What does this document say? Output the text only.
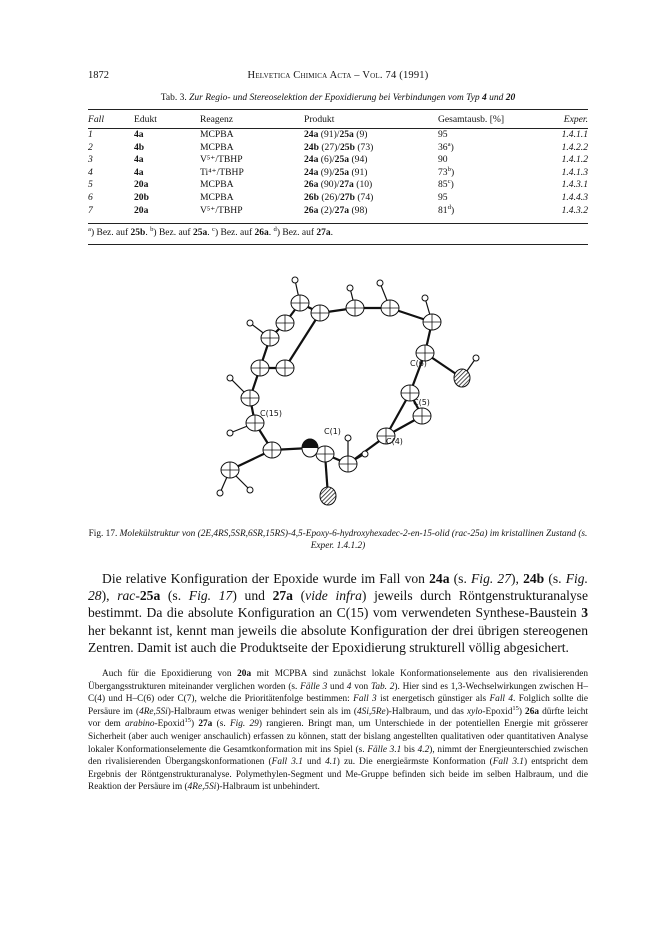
1872	Helvetica Chimica Acta – Vol. 74 (1991)
Tab. 3. Zur Regio- und Stereoselektion der Epoxidierung bei Verbindungen vom Typ 4 und 20
Fall	Edukt	Reagenz	Produkt	Gesamtausb. [%]	Exper.
1	4a	MCPBA	24a (91)/25a (9)	95	1.4.1.1
2	4b	MCPBA	24b (27)/25b (73)	36$^a$)	1.4.2.2
3	4a	V⁵⁺/TBHP	24a (6)/25a (94)	90	1.4.1.2
4	4a	Ti⁴⁺/TBHP	24a (9)/25a (91)	73$^b$)	1.4.1.3
5	20a	MCPBA	26a (90)/27a (10)	85$^c$)	1.4.3.1
6	20b	MCPBA	26b (26)/27b (74)	95	1.4.4.3
7	20a	V⁵⁺/TBHP	26a (2)/27a (98)	81$^d$)	1.4.3.2
$^a$) Bez. auf 25b. $^b$) Bez. auf 25a. $^c$) Bez. auf 26a. $^d$) Bez. auf 27a.
C(6)
C(5)
C(4)
C(1)
C(15)
Fig. 17. Molekülstruktur von (2E,4RS,5SR,6SR,15RS)-4,5-Epoxy-6-hydroxyhexadec-2-en-15-olid (rac-25a) im kristallinen Zustand (s. Exper. 1.4.1.2)
Die relative Konfiguration der Epoxide wurde im Fall von 24a (s. Fig. 27), 24b (s. Fig. 28), rac-25a (s. Fig. 17) und 27a (vide infra) jeweils durch Röntgenstrukturanalyse bestimmt. Da die absolute Konfiguration an C(15) vom verwendeten Synthese-Baustein 3 her bekannt ist, kennt man jeweils die absolute Konfiguration der drei übrigen stereogenen Zentren. Damit ist auch die Produktseite der Epoxidierung strukturell völlig abgesichert.
Auch für die Epoxidierung von 20a mit MCPBA sind zunächst lokale Konformationselemente aus den rivalisierenden Übergangsstrukturen miteinander verglichen worden (s. Fälle 3 und 4 von Tab. 2). Hier sind es 1,3-Wechselwirkungen zwischen H–C(4) und H–C(6) oder C(7), welche die Prioritätenfolge bestimmen: Fall 3 ist energetisch günstiger als Fall 4. Folglich sollte die Persäure im (4Re,5Si)-Halbraum etwas weniger behindert sein als im (4Si,5Re)-Halbraum, und das xylo-Epoxid$^{15}$) 26a dürfte leicht vor dem arabino-Epoxid$^{15}$) 27a (s. Fig. 29) rangieren. Bringt man, um Unterschiede in der potentiellen Energie mit grösserer Sicherheit (aber auch weniger anschaulich) erfassen zu können, statt der bislang angestellten qualitativen oder quantitativen Analyse lokaler Konformationselemente die Gesamtkonformation mit ins Spiel (s. Fälle 3.1 bis 4.2), nimmt der Energieunterschied zwischen den rivalisierenden Übergangskonformationen (Fall 3.1 und 4.1) zu. Die energieärmste Konformation (Fall 3.1) entspricht dem Ergebnis der Röntgenstrukturanalyse. Polymethylen-Segment und Me-Gruppe befinden sich beide im selben Halbraum, und die Reaktion der Persäure im (4Re,5Si)-Halbraum ist unbehindert.
